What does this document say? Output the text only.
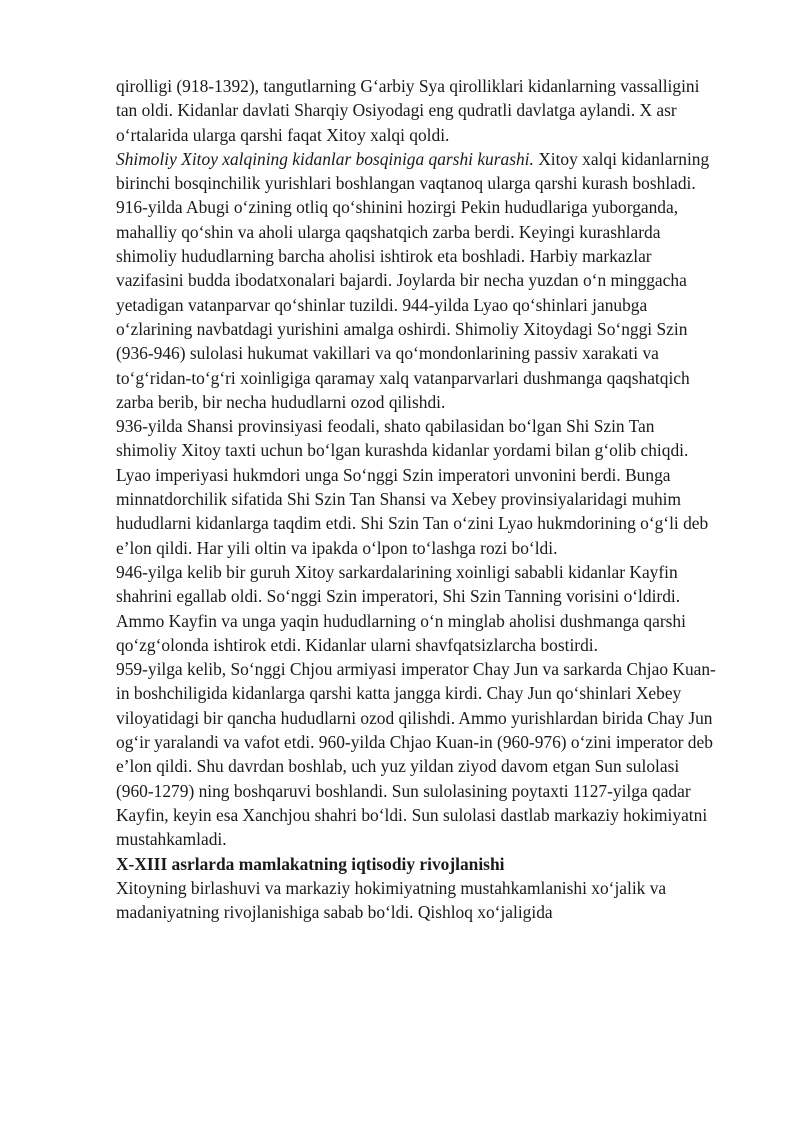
qirolligi (918-1392), tangutlarning G‘arbiy Sya qirolliklari kidanlarning vassalligini tan oldi. Kidanlar davlati Sharqiy Osiyodagi eng qudratli davlatga aylandi. X asr o‘rtalarida ularga qarshi faqat Xitoy xalqi qoldi.

Shimoliy Xitoy xalqining kidanlar bosqiniga qarshi kurashi. Xitoy xalqi kidanlarning birinchi bosqinchilik yurishlari boshlangan vaqtanoq ularga qarshi kurash boshladi. 916-yilda Abugi o‘zining otliq qo‘shinini hozirgi Pekin hududlariga yuborganda, mahalliy qo‘shin va aholi ularga qaqshatqich zarba berdi. Keyingi kurashlarda shimoliy hududlarning barcha aholisi ishtirok eta boshladi. Harbiy markazlar vazifasini budda ibodatxonalari bajardi. Joylarda bir necha yuzdan o‘n minggacha yetadigan vatanparvar qo‘shinlar tuzildi. 944-yilda Lyao qo‘shinlari janubga o‘zlarining navbatdagi yurishini amalga oshirdi. Shimoliy Xitoydagi So‘nggi Szin (936-946) sulolasi hukumat vakillari va qo‘mondonlarining passiv xarakati va to‘g‘ridan-to‘g‘ri xoinligiga qaramay xalq vatanparvarlari dushmanga qaqshatqich zarba berib, bir necha hududlarni ozod qilishdi.

936-yilda Shansi provinsiyasi feodali, shato qabilasidan bo‘lgan Shi Szin Tan shimoliy Xitoy taxti uchun bo‘lgan kurashda kidanlar yordami bilan g‘olib chiqdi. Lyao imperiyasi hukmdori unga So‘nggi Szin imperatori unvonini berdi. Bunga minnatdorchilik sifatida Shi Szin Tan Shansi va Xebey provinsiyalaridagi muhim hududlarni kidanlarga taqdim etdi. Shi Szin Tan o‘zini Lyao hukmdorining o‘g‘li deb e’lon qildi. Har yili oltin va ipakda o‘lpon to‘lashga rozi bo‘ldi.

946-yilga kelib bir guruh Xitoy sarkardalarining xoinligi sababli kidanlar Kayfin shahrini egallab oldi. So‘nggi Szin imperatori, Shi Szin Tanning vorisini o‘ldirdi. Ammo Kayfin va unga yaqin hududlarning o‘n minglab aholisi dushmanga qarshi qo‘zg‘olonda ishtirok etdi. Kidanlar ularni shavfqatsizlarcha bostirdi.

959-yilga kelib, So‘nggi Chjou armiyasi imperator Chay Jun va sarkarda Chjao Kuan-in boshchiligida kidanlarga qarshi katta jangga kirdi. Chay Jun qo‘shinlari Xebey viloyatidagi bir qancha hududlarni ozod qilishdi. Ammo yurishlardan birida Chay Jun og‘ir yaralandi va vafot etdi. 960-yilda Chjao Kuan-in (960-976) o‘zini imperator deb e’lon qildi. Shu davrdan boshlab, uch yuz yildan ziyod davom etgan Sun sulolasi (960-1279) ning boshqaruvi boshlandi. Sun sulolasining poytaxti 1127-yilga qadar Kayfin, keyin esa Xanchjou shahri bo‘ldi. Sun sulolasi dastlab markaziy hokimiyatni mustahkamladi.

X-XIII asrlarda mamlakatning iqtisodiy rivojlanishi

Xitoyning birlashuvi va markaziy hokimiyatning mustahkamlanishi xo‘jalik va madaniyatning rivojlanishiga sabab bo‘ldi. Qishloq xo‘jaligida
